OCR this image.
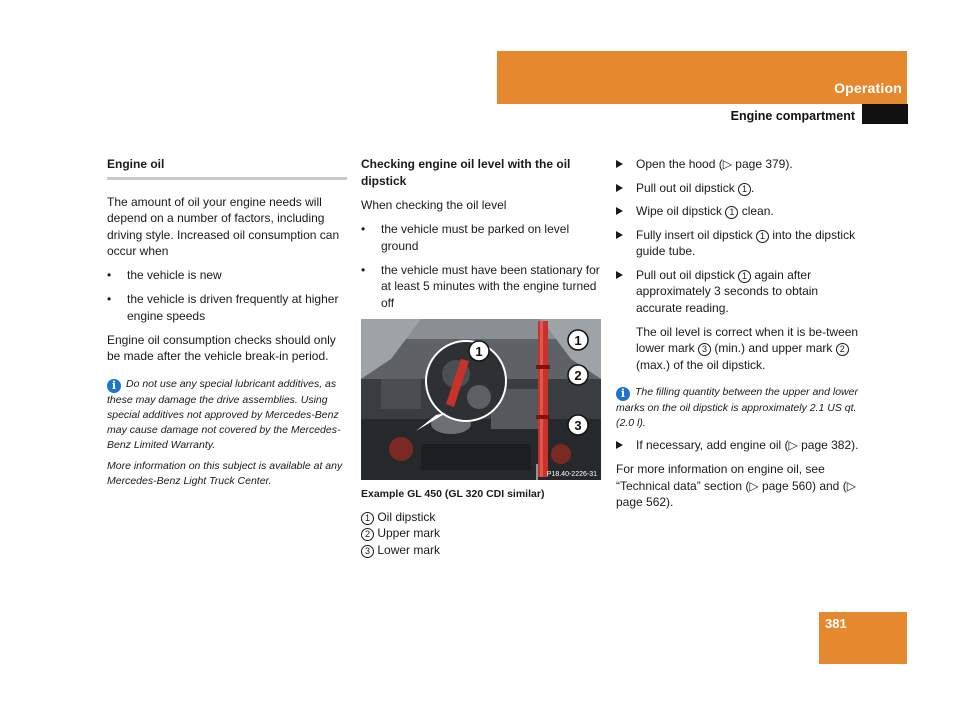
Operation
Engine compartment
Engine oil

The amount of oil your engine needs will depend on a number of factors, including driving style. Increased oil consumption can occur when

• the vehicle is new
• the vehicle is driven frequently at higher engine speeds

Engine oil consumption checks should only be made after the vehicle break-in period.

i Do not use any special lubricant additives, as these may damage the drive assemblies. Using special additives not approved by Mercedes-Benz may cause damage not covered by the Mercedes-Benz Limited Warranty.
More information on this subject is available at any Mercedes-Benz Light Truck Center.
Checking engine oil level with the oil dipstick

When checking the oil level

• the vehicle must be parked on level ground
• the vehicle must have been stationary for at least 5 minutes with the engine turned off
1
2
3
1
P18.40-2226-31
Example GL 450 (GL 320 CDI similar)
1 Oil dipstick
2 Upper mark
3 Lower mark
Open the hood (▷ page 379).
Pull out oil dipstick 1 .
Wipe oil dipstick 1 clean.
Fully insert oil dipstick 1 into the dipstick guide tube.
Pull out oil dipstick 1 again after approximately 3 seconds to obtain accurate reading.

The oil level is correct when it is be-tween lower mark 3 (min.) and upper mark 2 (max.) of the oil dipstick.

i The filling quantity between the upper and lower marks on the oil dipstick is approximately 2.1 US qt. (2.0 l).
If necessary, add engine oil (▷ page 382).

For more information on engine oil, see “Technical data” section (▷ page 560) and (▷ page 562).

381
